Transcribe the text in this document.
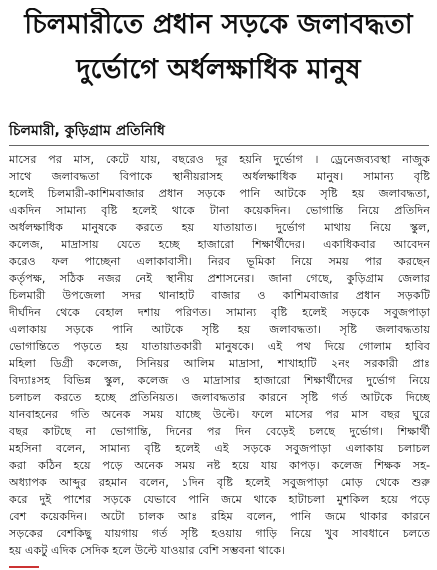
চিলমারীতে প্রধান সড়কে জলাবদ্ধতা
দুর্ভোগে অর্ধলক্ষাধিক মানুষ
চিলমারী, কুড়িগ্রাম প্রতিনিধি
মাসের পর মাস, কেটে যায়, বছরেও দূর হয়নি দুর্ভোগ । ড্রেনেজব্যবস্থা নাজুক
সাথে জলাবদ্ধতা বিপাকে স্থানীয়রাসহ অর্ধলক্ষাধিক মানুষ। সামান্য বৃষ্টি
হলেই চিলমারী-কাশিমবাজার প্রধান সড়কে পানি আটকে সৃষ্টি হয় জলাবদ্ধতা,
একদিন সামান্য বৃষ্টি হলেই থাকে টানা কয়েকদিন। ভোগান্তি নিয়ে প্রতিদিন
অর্ধলক্ষাধিক মানুষকে করতে হয় যাতায়াত। দুর্ভোগ মাথায় নিয়ে স্কুল,
কলেজ, মাদ্রাসায় যেতে হচ্ছে হাজারো শিক্ষার্থীদের। একাধিকবার আবেদন
করেও ফল পাচ্ছেনা এলাকাবাসী। নিরব ভূমিকা নিয়ে সময় পার করছেন
কর্তৃপক্ষ, সঠিক নজর নেই স্থানীয় প্রশাসনের। জানা গেছে, কুড়িগ্রাম জেলার
চিলমারী উপজেলা সদর থানাহাট বাজার ও কাশিমবাজার প্রধান সড়কটি
দীর্ঘদিন থেকে বেহাল দশায় পরিণত। সামান্য বৃষ্টি হলেই সড়কে সবুজপাড়া
এলাকায় সড়কে পানি আটকে সৃষ্টি হয় জলাবদ্ধতা। সৃষ্টি জলাবদ্ধতায়
ভোগান্তিতে পড়তে হয় যাতায়াতকারী মানুষকে। এই পথ দিয়ে গোলাম হাবিব
মহিলা ডিগ্রী কলেজ, সিনিয়র আলিম মাদ্রাসা, শাখাহাটি ২নং সরকারী প্রাঃ
বিদ্যাঃসহ বিভিন্ন স্কুল, কলেজ ও মাদ্রাসার হাজারো শিক্ষার্থীদের দুর্ভোগ নিয়ে
চলাচল করতে হচ্ছে প্রতিনিয়ত। জলাবদ্ধতার কারনে সৃষ্টি গর্ত আটকে দিচ্ছে
যানবাহনের গতি অনেক সময় যাচ্ছে উল্টে। ফলে মাসের পর মাস বছর ঘুরে
বছর কাটছে না ভোগান্তি, দিনের পর দিন বেড়েই চলছে দুর্ভোগ। শিক্ষার্থী
মহসিনা বলেন, সামান্য বৃষ্টি হলেই এই সড়কে সবুজপাড়া এলাকায় চলাচল
করা কঠিন হয়ে পড়ে অনেক সময় নষ্ট হয়ে যায় কাপড়। কলেজ শিক্ষক সহ-
অধ্যাপক আব্দুর রহমান বলেন, ১দিন বৃষ্টি হলেই সবুজপাড়া মোড় থেকে শুরু
করে দুই পাশের সড়কে যেভাবে পানি জমে থাকে হাটাচলা মুশকিল হয়ে পড়ে
বেশ কয়েকদিন। অটো চালক আঃ রহিম বলেন, পানি জমে থাকার কারনে
সড়কের বেশকিছু যায়গায় গর্ত সৃষ্টি হওয়ায় গাড়ি নিয়ে খুব সাবধানে চলতে
হয় একটু এদিক সেদিক হলে উল্টে যাওয়ার বেশি সম্ভবনা থাকে।
